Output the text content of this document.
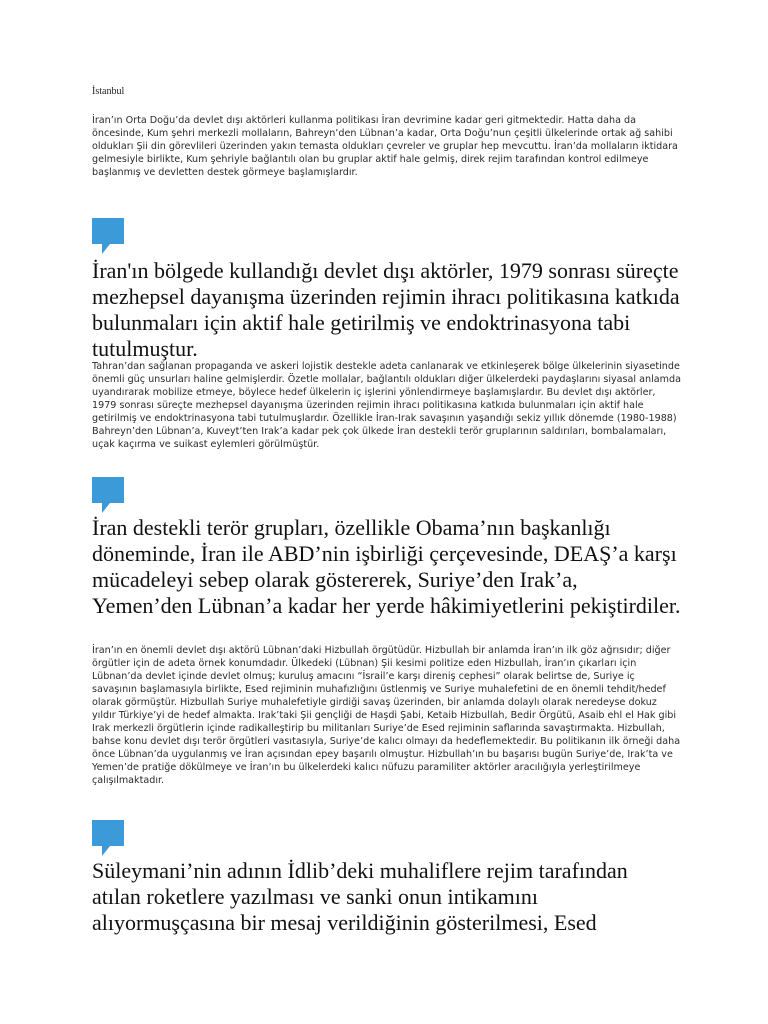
İstanbul
İran’ın Orta Doğu’da devlet dışı aktörleri kullanma politikası İran devrimine kadar geri gitmektedir. Hatta daha da öncesinde, Kum şehri merkezli mollaların, Bahreyn’den Lübnan’a kadar, Orta Doğu’nun çeşitli ülkelerinde ortak ağ sahibi oldukları Şii din görevlileri üzerinden yakın temasta oldukları çevreler ve gruplar hep mevcuttu. İran’da mollaların iktidara gelmesiyle birlikte, Kum şehriyle bağlantılı olan bu gruplar aktif hale gelmiş, direk rejim tarafından kontrol edilmeye başlanmış ve devletten destek görmeye başlamışlardır.
İran'ın bölgede kullandığı devlet dışı aktörler, 1979 sonrası süreçte mezhepsel dayanışma üzerinden rejimin ihracı politikasına katkıda bulunmaları için aktif hale getirilmiş ve endoktrinasyona tabi tutulmuştur.
Tahran’dan sağlanan propaganda ve askeri lojistik destekle adeta canlanarak ve etkinleşerek bölge ülkelerinin siyasetinde önemli güç unsurları haline gelmişlerdir. Özetle mollalar, bağlantılı oldukları diğer ülkelerdeki paydaşlarını siyasal anlamda uyandırarak mobilize etmeye, böylece hedef ülkelerin iç işlerini yönlendirmeye başlamışlardır. Bu devlet dışı aktörler, 1979 sonrası süreçte mezhepsel dayanışma üzerinden rejimin ihracı politikasına katkıda bulunmaları için aktif hale getirilmiş ve endoktrinasyona tabi tutulmuşlardır. Özellikle İran-Irak savaşının yaşandığı sekiz yıllık dönemde (1980-1988) Bahreyn’den Lübnan’a, Kuveyt’ten Irak’a kadar pek çok ülkede İran destekli terör gruplarının saldırıları, bombalamaları, uçak kaçırma ve suikast eylemleri görülmüştür.
İran destekli terör grupları, özellikle Obama’nın başkanlığı döneminde, İran ile ABD’nin işbirliği çerçevesinde, DEAŞ’a karşı mücadeleyi sebep olarak göstererek, Suriye’den Irak’a, Yemen’den Lübnan’a kadar her yerde hâkimiyetlerini pekiştirdiler.
İran’ın en önemli devlet dışı aktörü Lübnan’daki Hizbullah örgütüdür. Hizbullah bir anlamda İran’ın ilk göz ağrısıdır; diğer örgütler için de adeta örnek konumdadır. Ülkedeki (Lübnan) Şii kesimi politize eden Hizbullah, İran’ın çıkarları için Lübnan’da devlet içinde devlet olmuş; kuruluş amacını “İsrail’e karşı direniş cephesi” olarak belirtse de, Suriye iç savaşının başlamasıyla birlikte, Esed rejiminin muhafızlığını üstlenmiş ve Suriye muhalefetini de en önemli tehdit/hedef olarak görmüştür. Hizbullah Suriye muhalefetiyle girdiği savaş üzerinden, bir anlamda dolaylı olarak neredeyse dokuz yıldır Türkiye’yi de hedef almakta. Irak’taki Şii gençliği de Haşdi Şabi, Ketaib Hizbullah, Bedir Örgütü, Asaib ehl el Hak gibi Irak merkezli örgütlerin içinde radikalleştirip bu militanları Suriye’de Esed rejiminin saflarında savaştırmakta. Hizbullah, bahse konu devlet dışı terör örgütleri vasıtasıyla, Suriye’de kalıcı olmayı da hedeflemektedir. Bu politikanın ilk örneği daha önce Lübnan’da uygulanmış ve İran açısından epey başarılı olmuştur. Hizbullah’ın bu başarısı bugün Suriye’de, Irak’ta ve Yemen’de pratiğe dökülmeye ve İran’ın bu ülkelerdeki kalıcı nüfuzu paramiliter aktörler aracılığıyla yerleştirilmeye çalışılmaktadır.
Süleymani’nin adının İdlib’deki muhaliflere rejim tarafından atılan roketlere yazılması ve sanki onun intikamını alıyormuşçasına bir mesaj verildiğinin gösterilmesi, Esed
